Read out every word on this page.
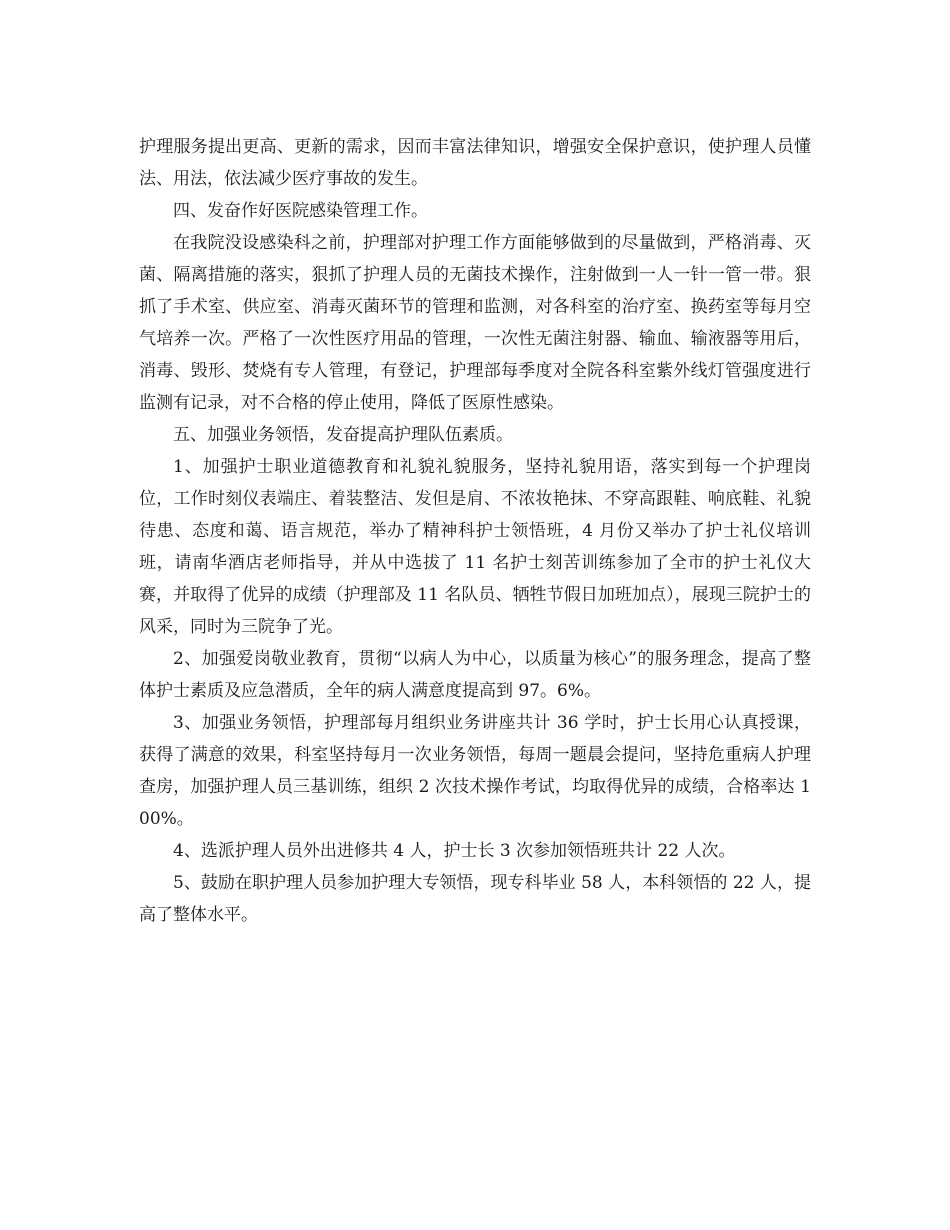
护理服务提出更高、更新的需求，因而丰富法律知识，增强安全保护意识，使护理人员懂法、用法，依法减少医疗事故的发生。

四、发奋作好医院感染管理工作。

在我院没设感染科之前，护理部对护理工作方面能够做到的尽量做到，严格消毒、灭菌、隔离措施的落实，狠抓了护理人员的无菌技术操作，注射做到一人一针一管一带。狠抓了手术室、供应室、消毒灭菌环节的管理和监测，对各科室的治疗室、换药室等每月空气培养一次。严格了一次性医疗用品的管理，一次性无菌注射器、输血、输液器等用后，消毒、毁形、焚烧有专人管理，有登记，护理部每季度对全院各科室紫外线灯管强度进行监测有记录，对不合格的停止使用，降低了医原性感染。

五、加强业务领悟，发奋提高护理队伍素质。

1、加强护士职业道德教育和礼貌礼貌服务，坚持礼貌用语，落实到每一个护理岗位，工作时刻仪表端庄、着装整洁、发但是肩、不浓妆艳抹、不穿高跟鞋、响底鞋、礼貌待患、态度和蔼、语言规范，举办了精神科护士领悟班，4 月份又举办了护士礼仪培训班，请南华酒店老师指导，并从中选拔了 11 名护士刻苦训练参加了全市的护士礼仪大赛，并取得了优异的成绩（护理部及 11 名队员、牺牲节假日加班加点），展现三院护士的风采，同时为三院争了光。

2、加强爱岗敬业教育，贯彻“以病人为中心，以质量为核心”的服务理念，提高了整体护士素质及应急潜质，全年的病人满意度提高到 97。6%。

3、加强业务领悟，护理部每月组织业务讲座共计 36 学时，护士长用心认真授课，获得了满意的效果，科室坚持每月一次业务领悟，每周一题晨会提问，坚持危重病人护理查房，加强护理人员三基训练，组织 2 次技术操作考试，均取得优异的成绩，合格率达 100%。

4、选派护理人员外出进修共 4 人，护士长 3 次参加领悟班共计 22 人次。

5、鼓励在职护理人员参加护理大专领悟，现专科毕业 58 人，本科领悟的 22 人，提高了整体水平。
